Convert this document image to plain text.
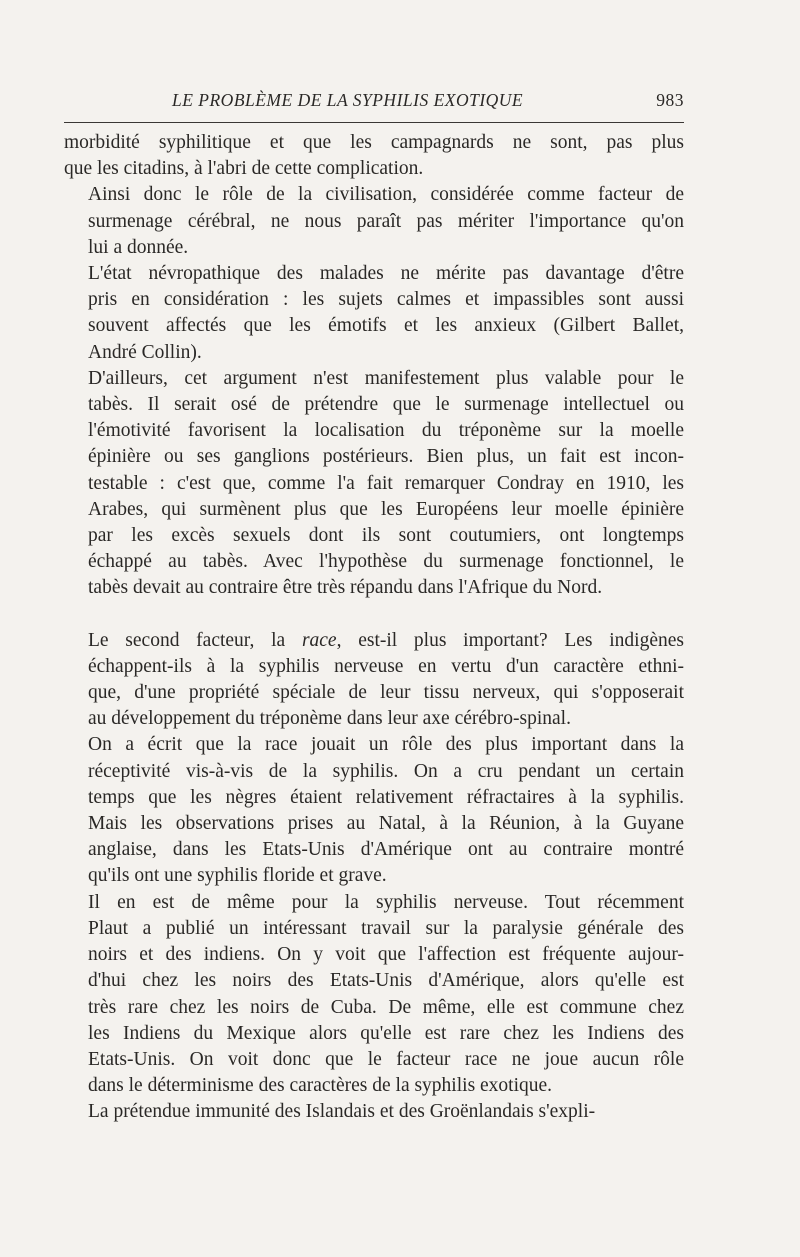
LE PROBLÈME DE LA SYPHILIS EXOTIQUE	983

morbidité syphilitique et que les campagnards ne sont, pas plus
que les citadins, à l'abri de cette complication.

Ainsi donc le rôle de la civilisation, considérée comme facteur de
surmenage cérébral, ne nous paraît pas mériter l'importance qu'on
lui a donnée.

L'état névropathique des malades ne mérite pas davantage d'être
pris en considération : les sujets calmes et impassibles sont aussi
souvent affectés que les émotifs et les anxieux (Gilbert Ballet,
André Collin).

D'ailleurs, cet argument n'est manifestement plus valable pour le
tabès. Il serait osé de prétendre que le surmenage intellectuel ou
l'émotivité favorisent la localisation du tréponème sur la moelle
épinière ou ses ganglions postérieurs. Bien plus, un fait est incon-
testable : c'est que, comme l'a fait remarquer Condray en 1910, les
Arabes, qui surmènent plus que les Européens leur moelle épinière
par les excès sexuels dont ils sont coutumiers, ont longtemps
échappé au tabès. Avec l'hypothèse du surmenage fonctionnel, le
tabès devait au contraire être très répandu dans l'Afrique du Nord.

Le second facteur, la race, est-il plus important? Les indigènes
échappent-ils à la syphilis nerveuse en vertu d'un caractère ethni-
que, d'une propriété spéciale de leur tissu nerveux, qui s'opposerait
au développement du tréponème dans leur axe cérébro-spinal.

On a écrit que la race jouait un rôle des plus important dans la
réceptivité vis-à-vis de la syphilis. On a cru pendant un certain
temps que les nègres étaient relativement réfractaires à la syphilis.
Mais les observations prises au Natal, à la Réunion, à la Guyane
anglaise, dans les Etats-Unis d'Amérique ont au contraire montré
qu'ils ont une syphilis floride et grave.

Il en est de même pour la syphilis nerveuse. Tout récemment
Plaut a publié un intéressant travail sur la paralysie générale des
noirs et des indiens. On y voit que l'affection est fréquente aujour-
d'hui chez les noirs des Etats-Unis d'Amérique, alors qu'elle est
très rare chez les noirs de Cuba. De même, elle est commune chez
les Indiens du Mexique alors qu'elle est rare chez les Indiens des
Etats-Unis. On voit donc que le facteur race ne joue aucun rôle
dans le déterminisme des caractères de la syphilis exotique.

La prétendue immunité des Islandais et des Groënlandais s'expli-
